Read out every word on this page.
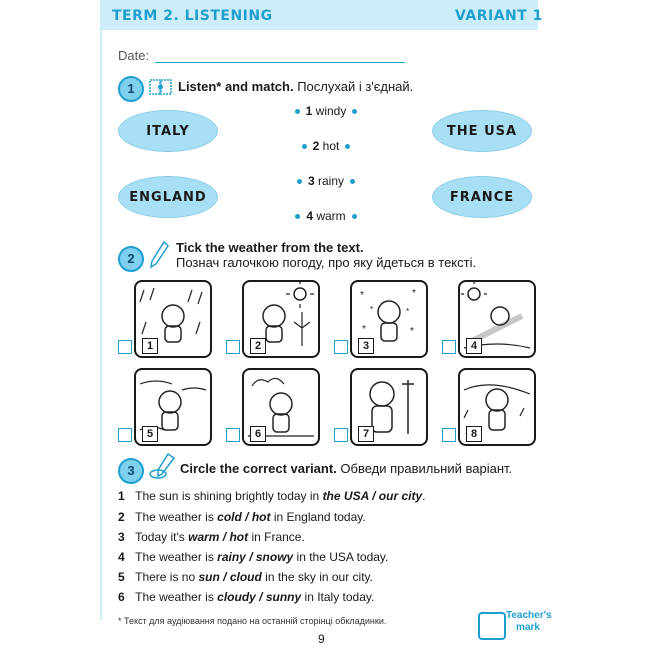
TERM 2. LISTENING	VARIANT 1
Date:
1	Listen* and match. Послухай і з'єднай.
ITALY
ENGLAND
THE USA
FRANCE
1 windy
2 hot
3 rainy
4 warm
2
Tick the weather from the text.
Познач галочкою погоду, про яку йдеться в тексті.
1	2
*	*
*	*
*	*
3	4
5	6	7	8
3	Circle the correct variant. Обведи правильний варіант.
1 The sun is shining brightly today in the USA / our city.
2 The weather is cold / hot in England today.
3 Today it's warm / hot in France.
4 The weather is rainy / snowy in the USA today.
5 There is no sun / cloud in the sky in our city.
6 The weather is cloudy / sunny in Italy today.
* Текст для аудіювання подано на останній сторінці обкладинки.
9
Teacher's mark
